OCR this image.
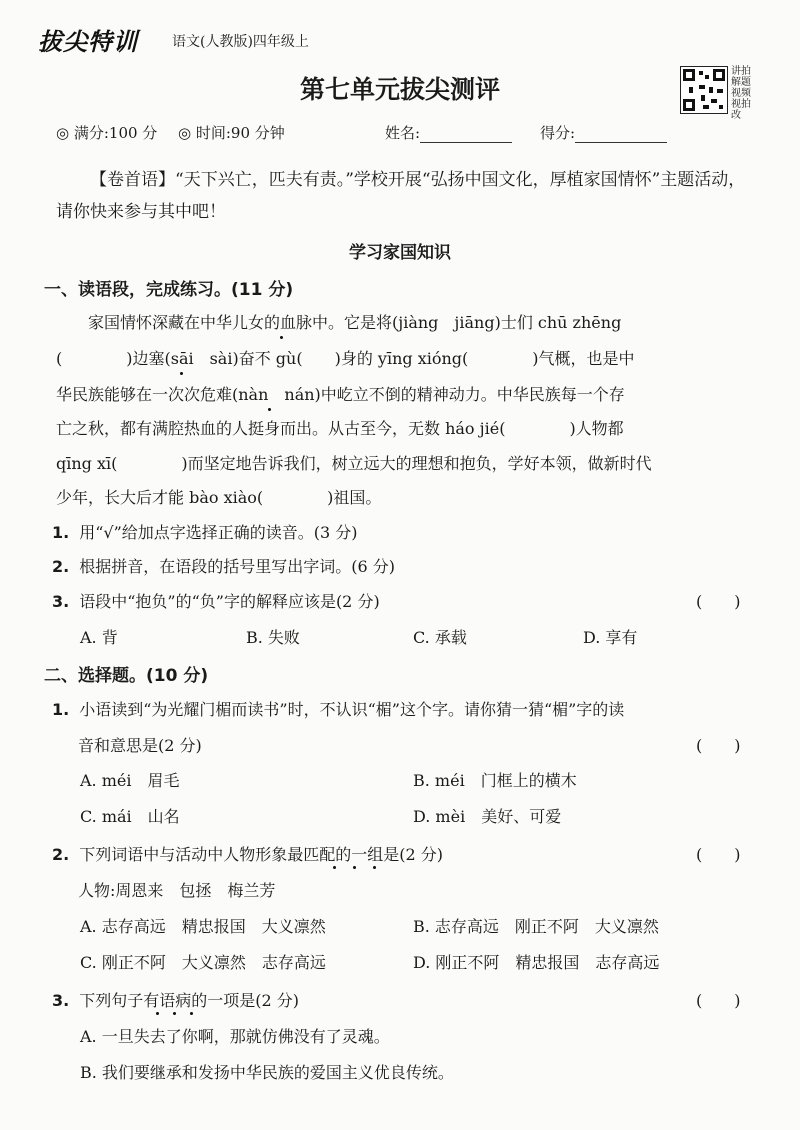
拔尖特训 语文(人教版)四年级上
第七单元拔尖测评
讲拍解题视频视拍改
◎ 满分:100 分 ◎ 时间:90 分钟	姓名:	得分:
【卷首语】“天下兴亡，匹夫有责。”学校开展“弘扬中国文化，厚植家国情怀”主题活动，请你快来参与其中吧！
学习家国知识
一、读语段，完成练习。(11 分)
家国情怀深藏在中华儿女的血脉中。它是将(jiàng　jiāng)士们 chū zhēng
(　　　　)边塞(sāi　sài)奋不 gù(　　)身的 yīng xióng(　　　　)气概，也是中
华民族能够在一次次危难(nàn　nán)中屹立不倒的精神动力。中华民族每一个存
亡之秋，都有满腔热血的人挺身而出。从古至今，无数 háo jié(　　　　)人物都
qīng xī(　　　　)而坚定地告诉我们，树立远大的理想和抱负，学好本领，做新时代
少年，长大后才能 bào xiào(　　　　)祖国。
1. 用“√”给加点字选择正确的读音。(3 分)
2. 根据拼音，在语段的括号里写出字词。(6 分)
3. 语段中“抱负”的“负”字的解释应该是(2 分)	(　　)
A. 背	B. 失败	C. 承载	D. 享有
二、选择题。(10 分)
1. 小语读到“为光耀门楣而读书”时，不认识“楣”这个字。请你猜一猜“楣”字的读
音和意思是(2 分)	(　　)
A. méi　眉毛	B. méi　门框上的横木
C. mái　山名	D. mèi　美好、可爱
2. 下列词语中与活动中人物形象最匹配的一组是(2 分)	(　　)
人物:周恩来　包拯　梅兰芳
A. 志存高远　精忠报国　大义凛然	B. 志存高远　刚正不阿　大义凛然
C. 刚正不阿　大义凛然　志存高远	D. 刚正不阿　精忠报国　志存高远
3. 下列句子有语病的一项是(2 分)	(　　)
A. 一旦失去了你啊，那就仿佛没有了灵魂。
B. 我们要继承和发扬中华民族的爱国主义优良传统。
